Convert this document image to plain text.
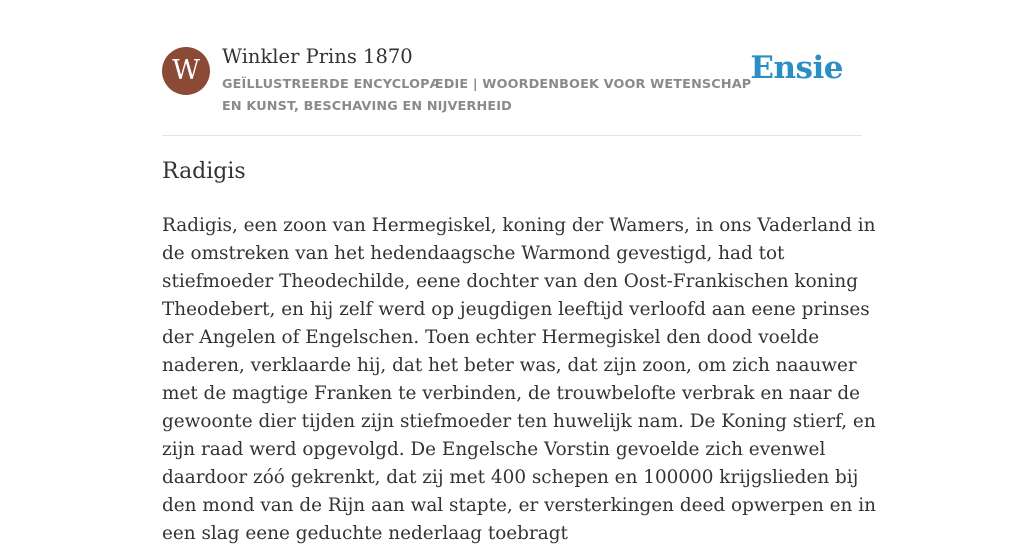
W	Winkler Prins 1870
GEÏLLUSTREERDE ENCYCLOPÆDIE | WOORDENBOEK VOOR WETENSCHAP EN KUNST, BESCHAVING EN NIJVERHEID
Ensie
Radigis

Radigis, een zoon van Hermegiskel, koning der Wamers, in ons Vaderland in de omstreken van het hedendaagsche Warmond gevestigd, had tot stiefmoeder Theodechilde, eene dochter van den Oost-Frankischen koning Theodebert, en hij zelf werd op jeugdigen leeftijd verloofd aan eene prinses der Angelen of Engelschen. Toen echter Hermegiskel den dood voelde naderen, verklaarde hij, dat het beter was, dat zijn zoon, om zich naauwer met de magtige Franken te verbinden, de trouwbelofte verbrak en naar de gewoonte dier tijden zijn stiefmoeder ten huwelijk nam. De Koning stierf, en zijn raad werd opgevolgd. De Engelsche Vorstin gevoelde zich evenwel daardoor zóó gekrenkt, dat zij met 400 schepen en 100000 krijgslieden bij den mond van de Rijn aan wal stapte, er versterkingen deed opwerpen en in een slag eene geduchte nederlaag toebragt
